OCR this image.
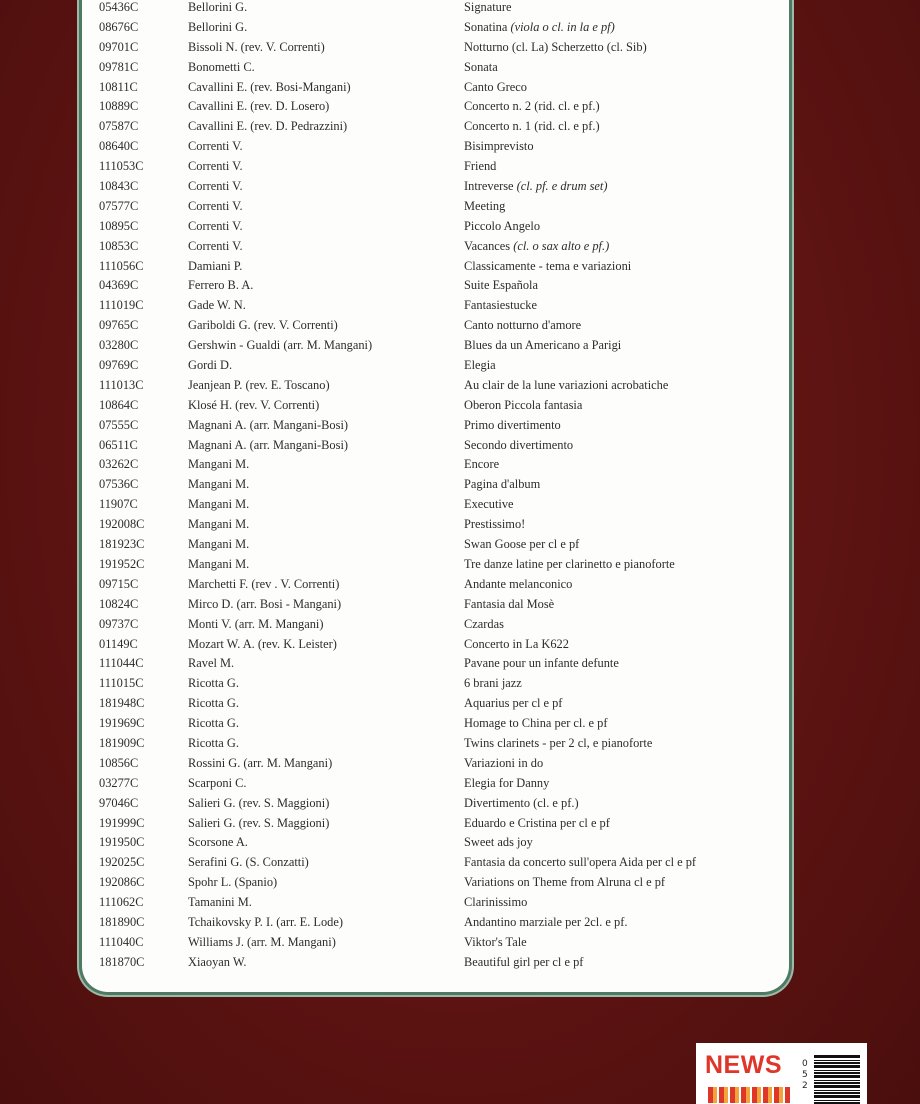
05436C	Bellorini G.	Signature
08676C	Bellorini G.	Sonatina (viola o cl. in la e pf)
09701C	Bissoli N. (rev. V. Correnti)	Notturno (cl. La) Scherzetto (cl. Sib)
09781C	Bonometti C.	Sonata
10811C	Cavallini E. (rev. Bosi-Mangani)	Canto Greco
10889C	Cavallini E. (rev. D. Losero)	Concerto n. 2 (rid. cl. e pf.)
07587C	Cavallini E. (rev. D. Pedrazzini)	Concerto n. 1 (rid. cl. e pf.)
08640C	Correnti V.	Bisimprevisto
111053C	Correnti V.	Friend
10843C	Correnti V.	Intreverse (cl. pf. e drum set)
07577C	Correnti V.	Meeting
10895C	Correnti V.	Piccolo Angelo
10853C	Correnti V.	Vacances (cl. o sax alto e pf.)
111056C	Damiani P.	Classicamente - tema e variazioni
04369C	Ferrero B. A.	Suite Española
111019C	Gade W. N.	Fantasiestucke
09765C	Gariboldi G. (rev. V. Correnti)	Canto notturno d'amore
03280C	Gershwin - Gualdi (arr. M. Mangani)	Blues da un Americano a Parigi
09769C	Gordi D.	Elegia
111013C	Jeanjean P. (rev. E. Toscano)	Au clair de la lune variazioni acrobatiche
10864C	Klosé H. (rev. V. Correnti)	Oberon Piccola fantasia
07555C	Magnani A. (arr. Mangani-Bosi)	Primo divertimento
06511C	Magnani A. (arr. Mangani-Bosi)	Secondo divertimento
03262C	Mangani M.	Encore
07536C	Mangani M.	Pagina d'album
11907C	Mangani M.	Executive
192008C	Mangani M.	Prestissimo!
181923C	Mangani M.	Swan Goose per cl e pf
191952C	Mangani M.	Tre danze latine per clarinetto e pianoforte
09715C	Marchetti F. (rev . V. Correnti)	Andante melanconico
10824C	Mirco D. (arr. Bosi - Mangani)	Fantasia dal Mosè
09737C	Monti V. (arr. M. Mangani)	Czardas
01149C	Mozart W. A. (rev. K. Leister)	Concerto in La K622
111044C	Ravel M.	Pavane pour un infante defunte
111015C	Ricotta G.	6 brani jazz
181948C	Ricotta G.	Aquarius per cl e pf
191969C	Ricotta G.	Homage to China per cl. e pf
181909C	Ricotta G.	Twins clarinets - per 2 cl, e pianoforte
10856C	Rossini G. (arr. M. Mangani)	Variazioni in do
03277C	Scarponi C.	Elegia for Danny
97046C	Salieri G. (rev. S. Maggioni)	Divertimento (cl. e pf.)
191999C	Salieri G. (rev. S. Maggioni)	Eduardo e Cristina per cl e pf
191950C	Scorsone A.	Sweet ads joy
192025C	Serafini G. (S. Conzatti)	Fantasia da concerto sull'opera Aida per cl e pf
192086C	Spohr L. (Spanio)	Variations on Theme from Alruna cl e pf
111062C	Tamanini M.	Clarinissimo
181890C	Tchaikovsky P. I. (arr. E. Lode)	Andantino marziale per 2cl. e pf.
111040C	Williams J. (arr. M. Mangani)	Viktor's Tale
181870C	Xiaoyan W.	Beautiful girl per cl e pf
NEWS 0 5 2
